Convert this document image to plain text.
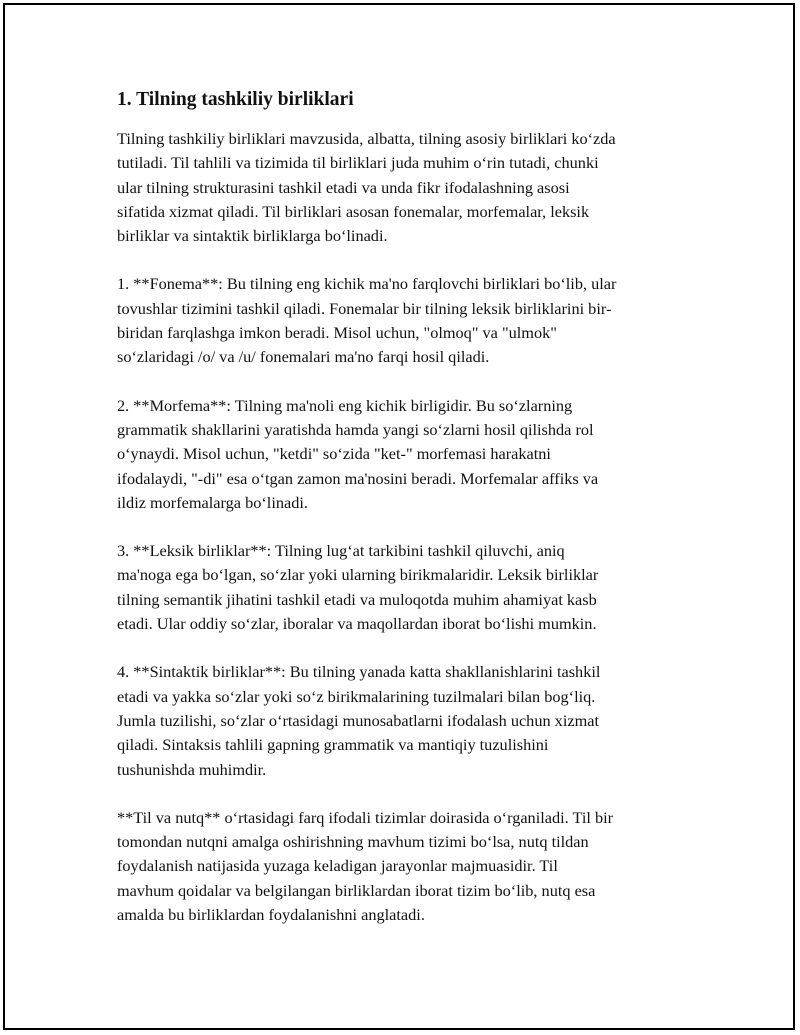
1. Tilning tashkiliy birliklari
Tilning tashkiliy birliklari mavzusida, albatta, tilning asosiy birliklari ko‘zda
tutiladi. Til tahlili va tizimida til birliklari juda muhim o‘rin tutadi, chunki
ular tilning strukturasini tashkil etadi va unda fikr ifodalashning asosi
sifatida xizmat qiladi. Til birliklari asosan fonemalar, morfemalar, leksik
birliklar va sintaktik birliklarga bo‘linadi.
1. **Fonema**: Bu tilning eng kichik ma'no farqlovchi birliklari bo‘lib, ular
tovushlar tizimini tashkil qiladi. Fonemalar bir tilning leksik birliklarini bir-
biridan farqlashga imkon beradi. Misol uchun, "olmoq" va "ulmok"
so‘zlaridagi /o/ va /u/ fonemalari ma'no farqi hosil qiladi.
2. **Morfema**: Tilning ma'noli eng kichik birligidir. Bu so‘zlarning
grammatik shakllarini yaratishda hamda yangi so‘zlarni hosil qilishda rol
o‘ynaydi. Misol uchun, "ketdi" so‘zida "ket-" morfemasi harakatni
ifodalaydi, "-di" esa o‘tgan zamon ma'nosini beradi. Morfemalar affiks va
ildiz morfemalarga bo‘linadi.
3. **Leksik birliklar**: Tilning lug‘at tarkibini tashkil qiluvchi, aniq
ma'noga ega bo‘lgan, so‘zlar yoki ularning birikmalaridir. Leksik birliklar
tilning semantik jihatini tashkil etadi va muloqotda muhim ahamiyat kasb
etadi. Ular oddiy so‘zlar, iboralar va maqollardan iborat bo‘lishi mumkin.
4. **Sintaktik birliklar**: Bu tilning yanada katta shakllanishlarini tashkil
etadi va yakka so‘zlar yoki so‘z birikmalarining tuzilmalari bilan bog‘liq.
Jumla tuzilishi, so‘zlar o‘rtasidagi munosabatlarni ifodalash uchun xizmat
qiladi. Sintaksis tahlili gapning grammatik va mantiqiy tuzulishini
tushunishda muhimdir.
**Til va nutq** o‘rtasidagi farq ifodali tizimlar doirasida o‘rganiladi. Til bir
tomondan nutqni amalga oshirishning mavhum tizimi bo‘lsa, nutq tildan
foydalanish natijasida yuzaga keladigan jarayonlar majmuasidir. Til
mavhum qoidalar va belgilangan birliklardan iborat tizim bo‘lib, nutq esa
amalda bu birliklardan foydalanishni anglatadi.
